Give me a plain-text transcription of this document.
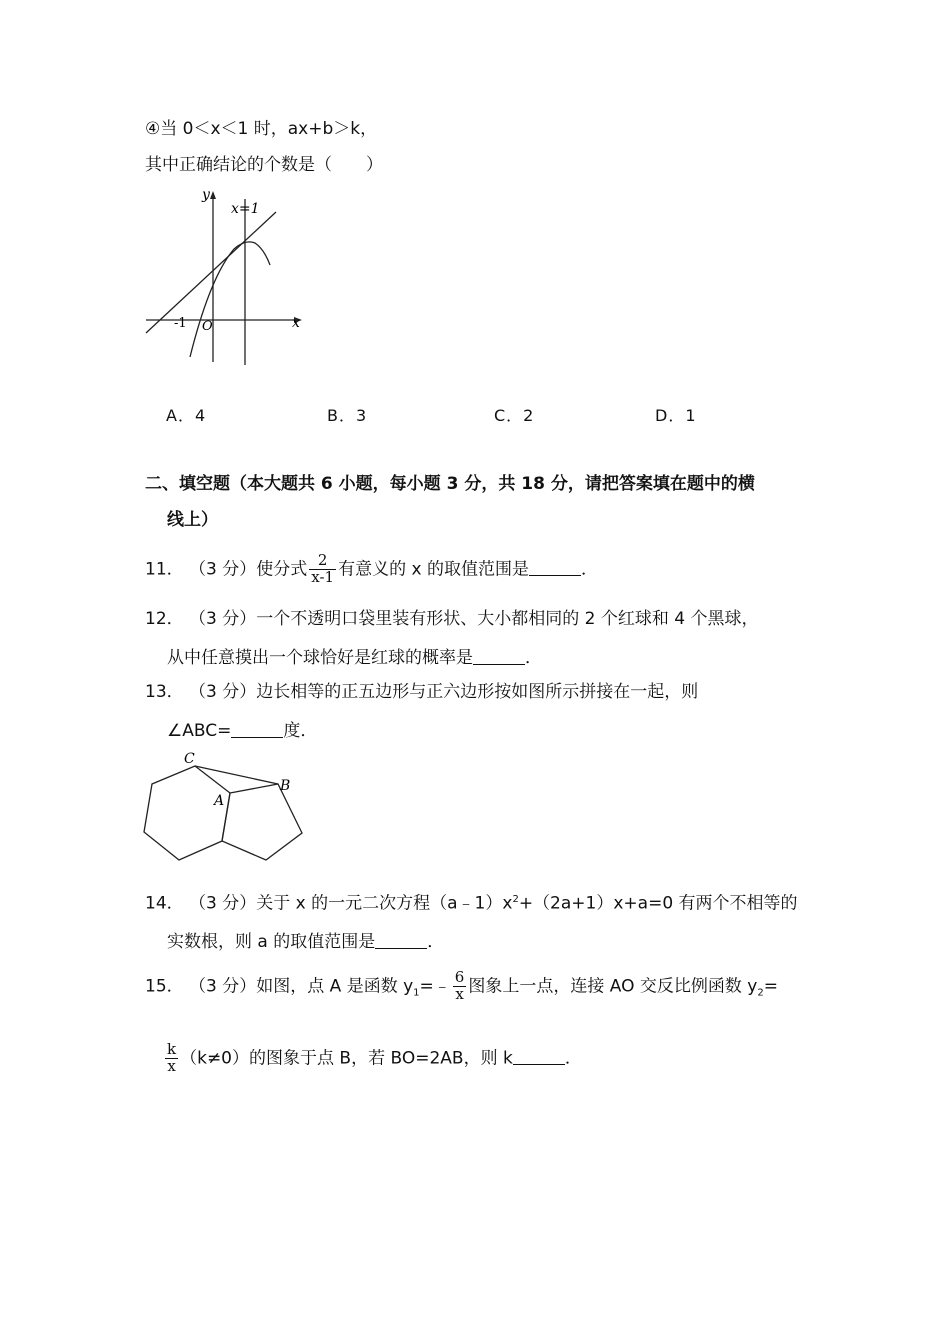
④当 0＜x＜1 时，ax+b＞k，
其中正确结论的个数是（　　）
y
x=1
x
-1 O
A．4	B．3	C．2	D．1
二、填空题（本大题共 6 小题，每小题 3 分，共 18 分，请把答案填在题中的横
线上）
11． （3 分）使分式 $\frac{2}{x-1}$ 有意义的 x 的取值范围是	．
12． （3 分）一个不透明口袋里装有形状、大小都相同的 2 个红球和 4 个黑球，
从中任意摸出一个球恰好是红球的概率是	．
13． （3 分）边长相等的正五边形与正六边形按如图所示拼接在一起，则
∠ABC=	度．
C
A
B
14． （3 分）关于 x 的一元二次方程$(a﹣1)x^2+(2a+1)x+a=0$ 有两个不相等的
实数根，则 a 的取值范围是	．
15． （3 分）如图，点 A 是函数 $y_1=﹣ \frac{6}{x}$ 图象上一点，连接 AO 交反比例函数 $y_2=$
$\frac{k}{x} (k\ne 0)$的图象于点 B，若 BO=2AB，则 k	．
